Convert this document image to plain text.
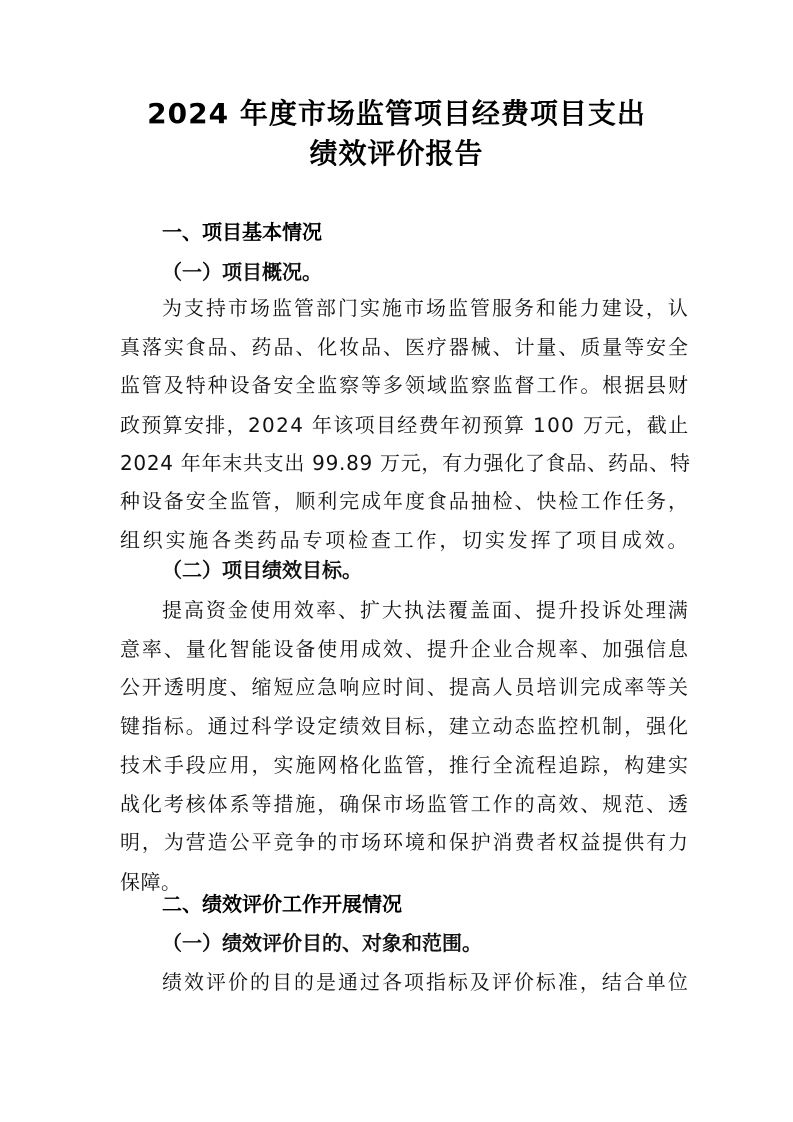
2024 年度市场监管项目经费项目支出
绩效评价报告
一、项目基本情况
（一）项目概况。
为支持市场监管部门实施市场监管服务和能力建设，认
真落实食品、药品、化妆品、医疗器械、计量、质量等安全
监管及特种设备安全监察等多领域监察监督工作。根据县财
政预算安排，2024 年该项目经费年初预算 100 万元，截止
2024 年年末共支出 99.89 万元，有力强化了食品、药品、特
种设备安全监管，顺利完成年度食品抽检、快检工作任务，
组织实施各类药品专项检查工作，切实发挥了项目成效。
（二）项目绩效目标。
提高资金使用效率、扩大执法覆盖面、提升投诉处理满
意率、量化智能设备使用成效、提升企业合规率、加强信息
公开透明度、缩短应急响应时间、提高人员培训完成率等关
键指标。通过科学设定绩效目标，建立动态监控机制，强化
技术手段应用，实施网格化监管，推行全流程追踪，构建实
战化考核体系等措施，确保市场监管工作的高效、规范、透
明，为营造公平竞争的市场环境和保护消费者权益提供有力
保障。
二、绩效评价工作开展情况
（一）绩效评价目的、对象和范围。
绩效评价的目的是通过各项指标及评价标准，结合单位
